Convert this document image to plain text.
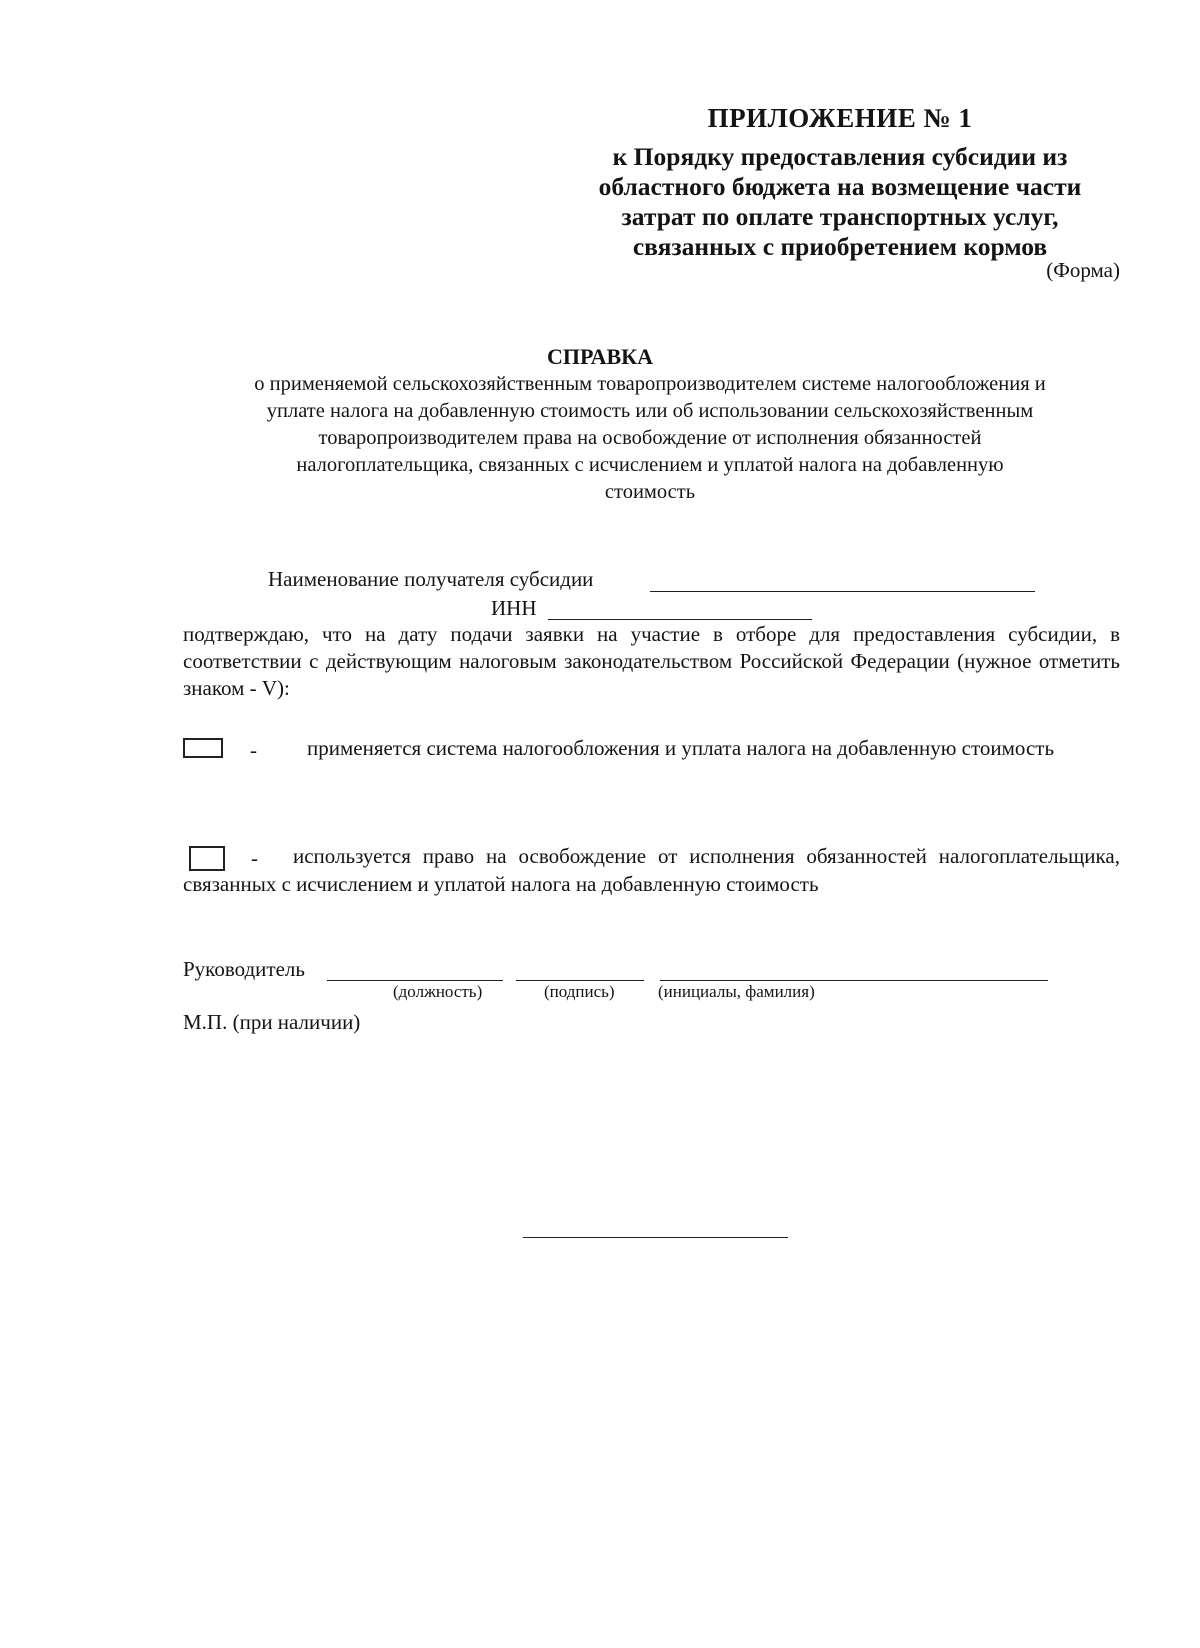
ПРИЛОЖЕНИЕ № 1
к Порядку предоставления субсидии из
областного бюджета на возмещение части
затрат по оплате транспортных услуг,
связанных с приобретением кормов
(Форма)
СПРАВКА
о применяемой сельскохозяйственным товаропроизводителем системе налогообложения и
уплате налога на добавленную стоимость или об использовании сельскохозяйственным
товаропроизводителем права на освобождение от исполнения обязанностей
налогоплательщика, связанных с исчислением и уплатой налога на добавленную
стоимость
Наименование получателя субсидии
ИНН
подтверждаю, что на дату подачи заявки на участие в отборе для предоставления субсидии, в соответствии с действующим налоговым законодательством Российской Федерации (нужное отметить знаком - V):
применяется система налогообложения и уплата налога на добавленную стоимость
-
используется право на освобождение от исполнения обязанностей налогоплательщика, связанных с исчислением и уплатой налога на добавленную стоимость
-
Руководитель
(должность)	(подпись)	(инициалы, фамилия)
М.П. (при наличии)
